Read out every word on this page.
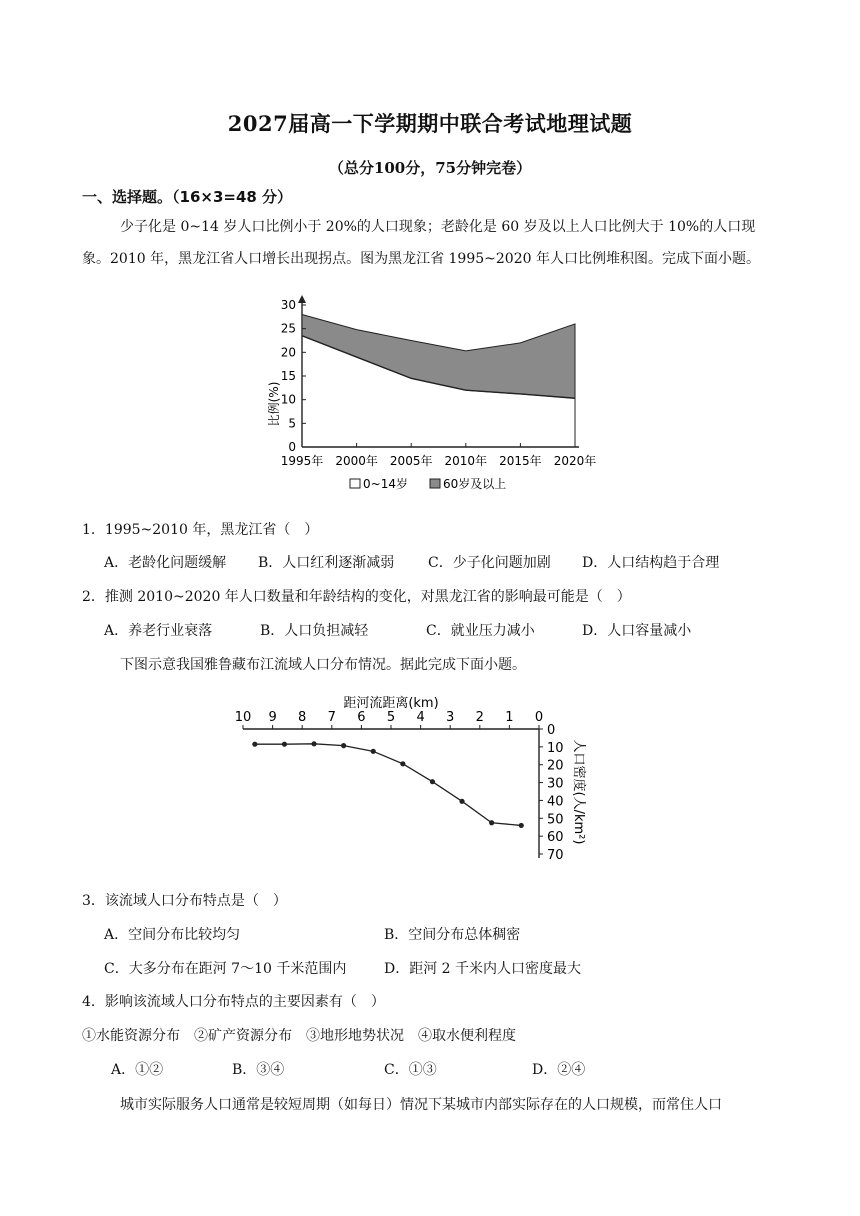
2027届高一下学期期中联合考试地理试题
（总分100分，75分钟完卷）
一、选择题。（16×3=48 分）
少子化是 0~14 岁人口比例小于 20%的人口现象；老龄化是 60 岁及以上人口比例大于 10%的人口现
象。2010 年，黑龙江省人口增长出现拐点。图为黑龙江省 1995~2020 年人口比例堆积图。完成下面小题。
0
5
10
15
20
25
30
1995年 2000年 2005年 2010年 2015年 2020年
比例(%)
0~14岁	60岁及以上
1．1995~2010 年，黑龙江省（　）
A．老龄化问题缓解 B．人口红利逐渐减弱 C．少子化问题加剧 D．人口结构趋于合理
2．推测 2010~2020 年人口数量和年龄结构的变化，对黑龙江省的影响最可能是（　）
A．养老行业衰落	B．人口负担减轻	C．就业压力减小	D．人口容量减小
下图示意我国雅鲁藏布江流域人口分布情况。据此完成下面小题。
距河流距离(km)
10 9 8 7 6 5 4 3 2 1 0
0
10
20
30
40
50
60
70
人口密度(人/km²)
3．该流域人口分布特点是（　）
A．空间分布比较均匀	B．空间分布总体稠密
C．大多分布在距河 7～10 千米范围内	D．距河 2 千米内人口密度最大
4．影响该流域人口分布特点的主要因素有（　）
①水能资源分布　②矿产资源分布　③地形地势状况　④取水便利程度
A．①②	B．③④	C．①③	D．②④
城市实际服务人口通常是较短周期（如每日）情况下某城市内部实际存在的人口规模，而常住人口
